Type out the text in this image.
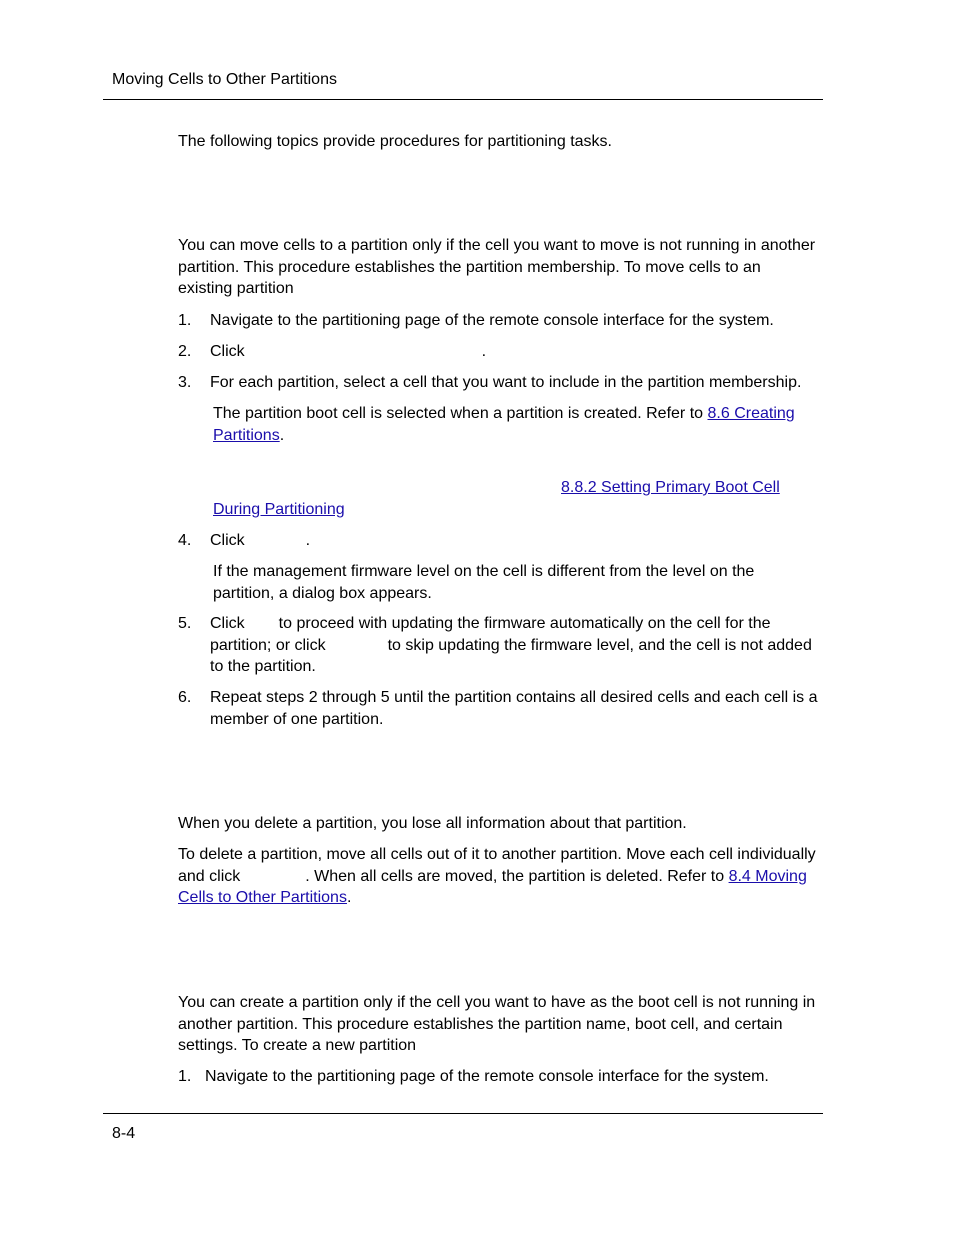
Moving Cells to Other Partitions

The following topics provide procedures for partitioning tasks.

You can move cells to a partition only if the cell you want to move is not running in another partition. This procedure establishes the partition membership. To move cells to an existing partition

1. Navigate to the partitioning page of the remote console interface for the system.
2. Click	.
3. For each partition, select a cell that you want to include in the partition membership.
The partition boot cell is selected when a partition is created. Refer to 8.6 Creating Partitions.
8.8.2 Setting Primary Boot Cell During Partitioning
4. Click	.
If the management firmware level on the cell is different from the level on the partition, a dialog box appears.
5. Click to proceed with updating the firmware automatically on the cell for the partition; or click	to skip updating the firmware level, and the cell is not added to the partition.
6. Repeat steps 2 through 5 until the partition contains all desired cells and each cell is a member of one partition.

When you delete a partition, you lose all information about that partition.

To delete a partition, move all cells out of it to another partition. Move each cell individually and click	. When all cells are moved, the partition is deleted. Refer to 8.4 Moving Cells to Other Partitions.

You can create a partition only if the cell you want to have as the boot cell is not running in another partition. This procedure establishes the partition name, boot cell, and certain settings. To create a new partition

1. Navigate to the partitioning page of the remote console interface for the system.
8-4
